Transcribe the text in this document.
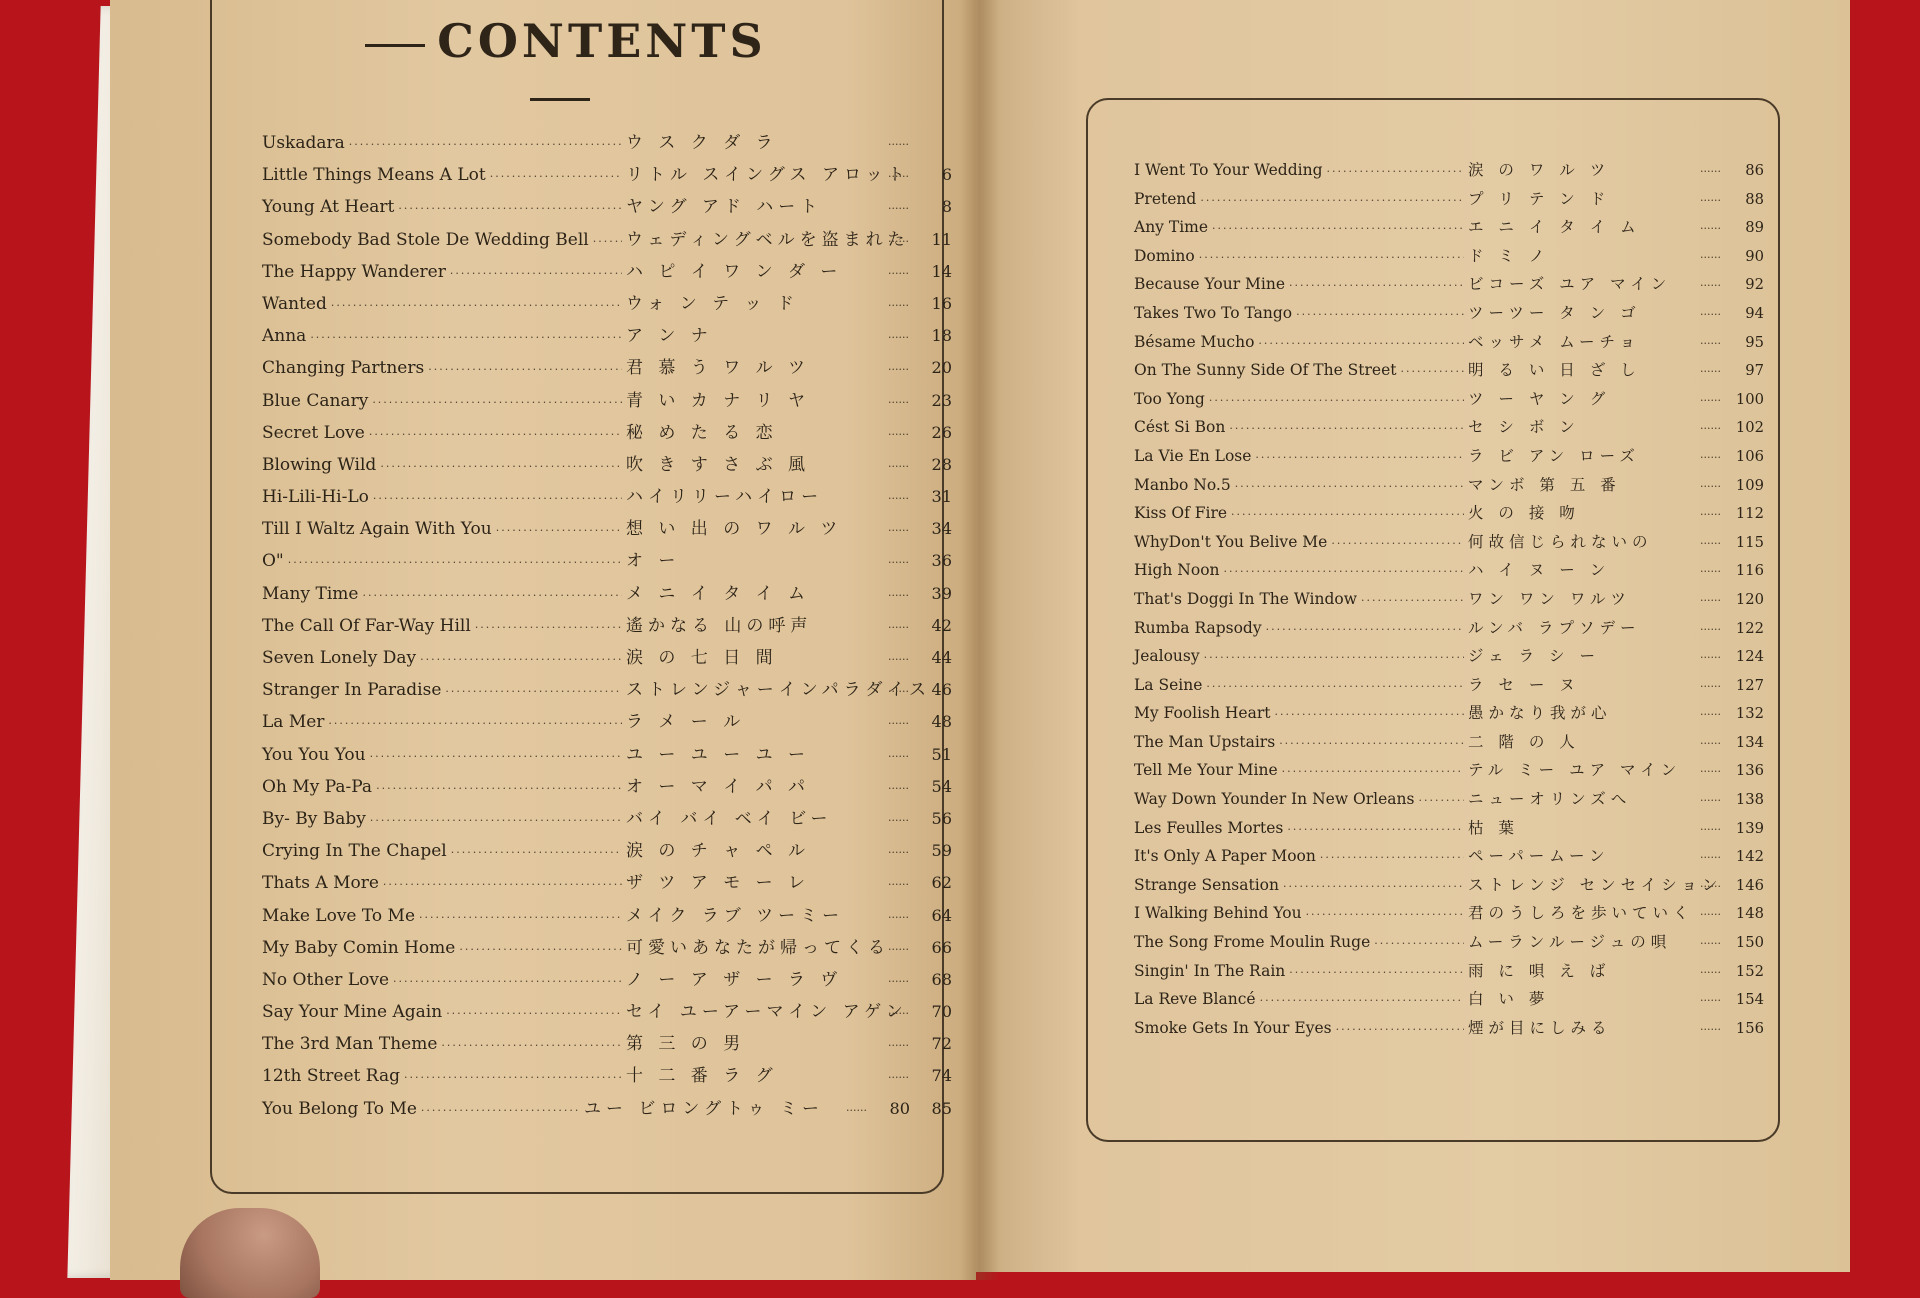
CONTENTS
Uskadara ·····	ウ ス ク ダ ラ
·····
Little Things Means A Lot ·····	リトル スイングス アロット ·····	6
Young At Heart ·····	ヤング アド ハート ·····	8
Somebody Bad Stole De Wedding Bell ····· ウェディングベルを盗まれた ·····	11
The Happy Wanderer ·····	ハ ピ イ ワ ン ダ ー ·····	14
Wanted ·····	ウォ ン テ ッ ド ·····	16
Anna ·····	ア ン ナ ·····	18
Changing Partners ·····	君 慕 う ワ ル ツ ·····	20
Blue Canary ·····	青 い カ ナ リ ヤ ·····	23
Secret Love ·····	秘 め た る 恋 ·····	26
Blowing Wild ·····	吹 き す さ ぶ 風 ·····	28
Hi-Lili-Hi-Lo ·····	ハイリリーハイロー ·····	31
Till I Waltz Again With You ·····	想 い 出 の ワ ル ツ ·····	34
O" ·····	オ ー ·····	36
Many Time ·····	メ ニ イ タ イ ム ·····	39
The Call Of Far-Way Hill ·····	遙かなる 山の呼声 ·····	42
Seven Lonely Day ·····	涙 の 七 日 間 ·····	44
Stranger In Paradise ·····	ストレンジャーインパラダイス ····· 46
La Mer ·····	ラ メ ー ル ·····	48
You You You ·····	ユ ー ユ ー ユ ー ·····	51
Oh My Pa-Pa ·····	オ ー マ イ パ パ ·····	54
By- By Baby ·····	バイ バイ ベイ ビー ·····	56
Crying In The Chapel ·····	涙 の チ ャ ペ ル ·····	59
Thats A More ·····	ザ ツ ア モ ー レ ·····	62
Make Love To Me ·····	メイク ラブ ツーミー ·····	64
My Baby Comin Home ·····	可愛いあなたが帰ってくる ·····	66
No Other Love ·····	ノ ー ア ザ ー ラ ヴ ·····	68
Say Your Mine Again ·····	セイ ユーアーマイン アゲン ·····	70
The 3rd Man Theme ·····	第 三 の 男 ·····	72
12th Street Rag ·····	十 二 番 ラ グ ·····	74
You Belong To Me ·····	ユー ビロングトゥ ミー ·····	80	85
I Went To Your Wedding ·····	涙 の ワ ル ツ ·····	86
Pretend ·····	プ リ テ ン ド ·····	88
Any Time ·····	エ ニ イ タ イ ム ·····	89
Domino ·····	ド ミ ノ ·····	90
Because Your Mine ·····	ビコーズ ユア マイン ·····	92
Takes Two To Tango ·····	ツーツー タ ン ゴ ·····	94
Bésame Mucho ·····	ベッサメ ムーチョ ·····	95
On The Sunny Side Of The Street ·····	明 る い 日 ざ し ·····	97
Too Yong ·····	ツ ー ヤ ン グ ·····	100
Cést Si Bon ·····	セ シ ボ ン ·····	102
La Vie En Lose ·····	ラ ビ アン ローズ ·····	106
Manbo No.5 ·····	マンボ 第 五 番 ·····	109
Kiss Of Fire ·····	火 の 接 吻 ·····	112
WhyDon't You Belive Me ·····	何故信じられないの ·····	115
High Noon ·····	ハ イ ヌ ー ン ·····	116
That's Doggi In The Window ·····	ワン ワン ワルツ ·····	120
Rumba Rapsody ·····	ルンバ ラプソデー ·····	122
Jealousy ·····	ジェ ラ シ ー ·····	124
La Seine ·····	ラ セ ー ヌ ·····	127
My Foolish Heart ·····	愚かなり我が心 ·····	132
The Man Upstairs ·····	二 階 の 人 ·····	134
Tell Me Your Mine ·····	テル ミー ユア マイン ·····	136
Way Down Younder In New Orleans ·····	ニューオリンズへ ·····	138
Les Feulles Mortes ·····	枯 葉 ·····	139
It's Only A Paper Moon ·····	ペーパームーン ·····	142
Strange Sensation ·····	ストレンジ センセイション ····· 146
I Walking Behind You ·····	君のうしろを歩いていく ·····	148
The Song Frome Moulin Ruge ·····	ムーランルージュの唄 ·····	150
Singin' In The Rain ·····	雨 に 唄 え ば ·····	152
La Reve Blancé ·····	白 い 夢 ·····	154
Smoke Gets In Your Eyes ·····	煙が目にしみる ·····	156
